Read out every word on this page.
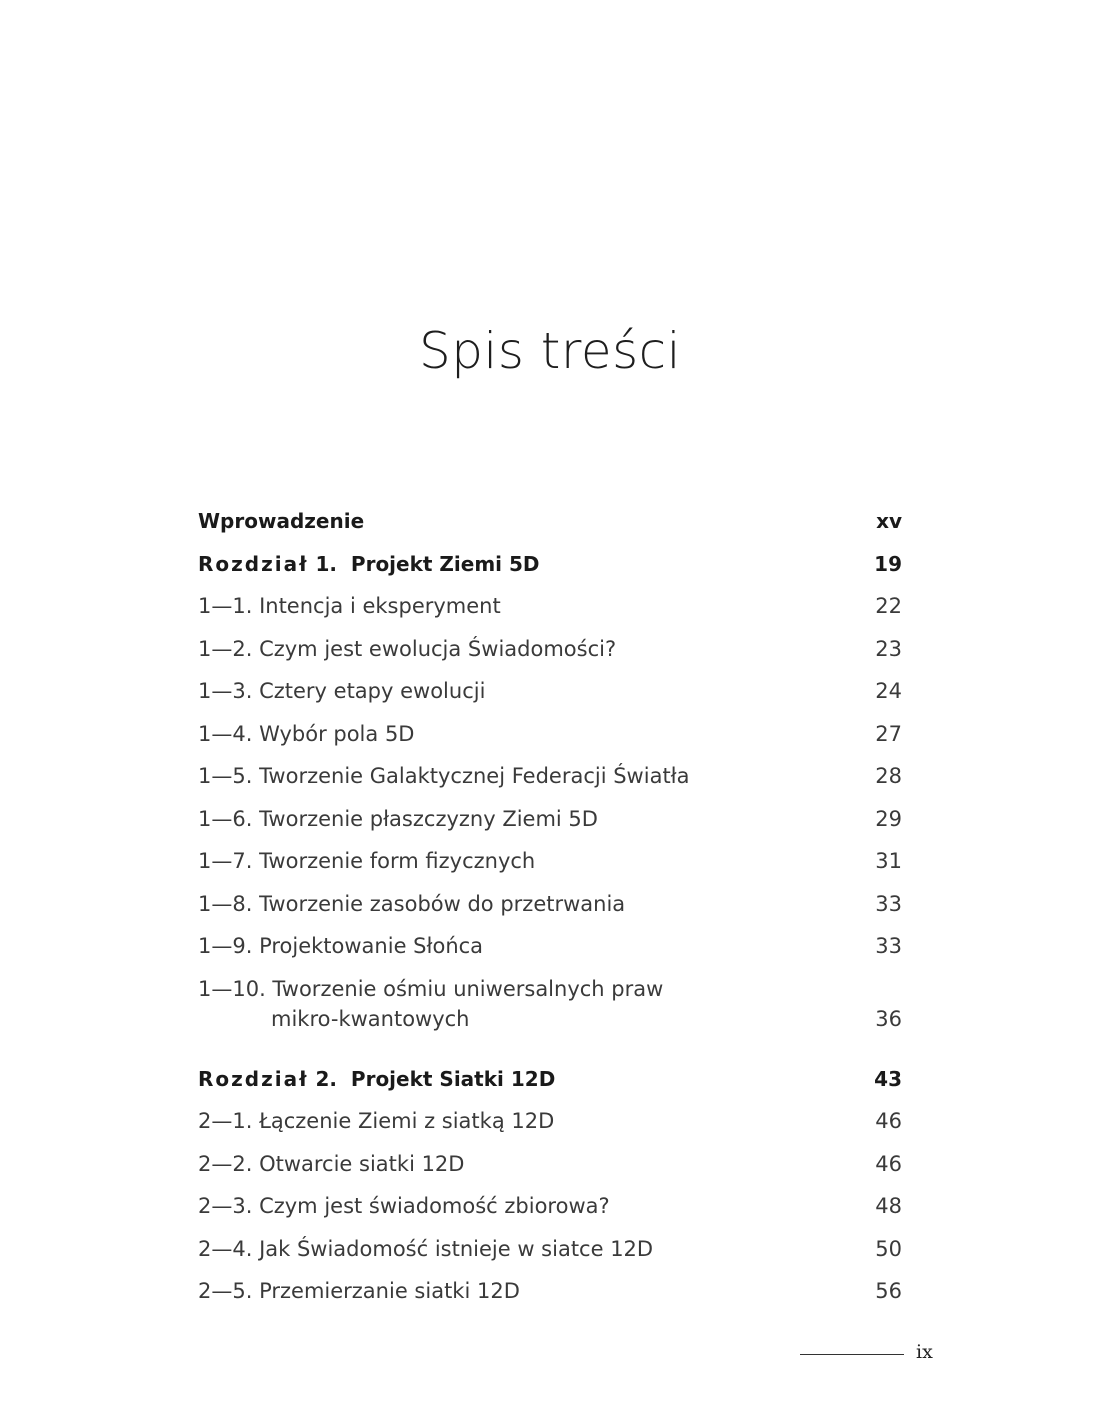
Spis treści
Wprowadzenie	xv
Rozdział 1.  Projekt Ziemi 5D	19
1—1. Intencja i eksperyment	22
1—2. Czym jest ewolucja Świadomości?	23
1—3. Cztery etapy ewolucji	24
1—4. Wybór pola 5D	27
1—5. Tworzenie Galaktycznej Federacji Światła	28
1—6. Tworzenie płaszczyzny Ziemi 5D	29
1—7. Tworzenie form fizycznych	31
1—8. Tworzenie zasobów do przetrwania	33
1—9. Projektowanie Słońca	33
1—10. Tworzenie ośmiu uniwersalnych praw
mikro-kwantowych	36
Rozdział 2.  Projekt Siatki 12D	43
2—1. Łączenie Ziemi z siatką 12D	46
2—2. Otwarcie siatki 12D	46
2—3. Czym jest świadomość zbiorowa?	48
2—4. Jak Świadomość istnieje w siatce 12D	50
2—5. Przemierzanie siatki 12D	56
ix
